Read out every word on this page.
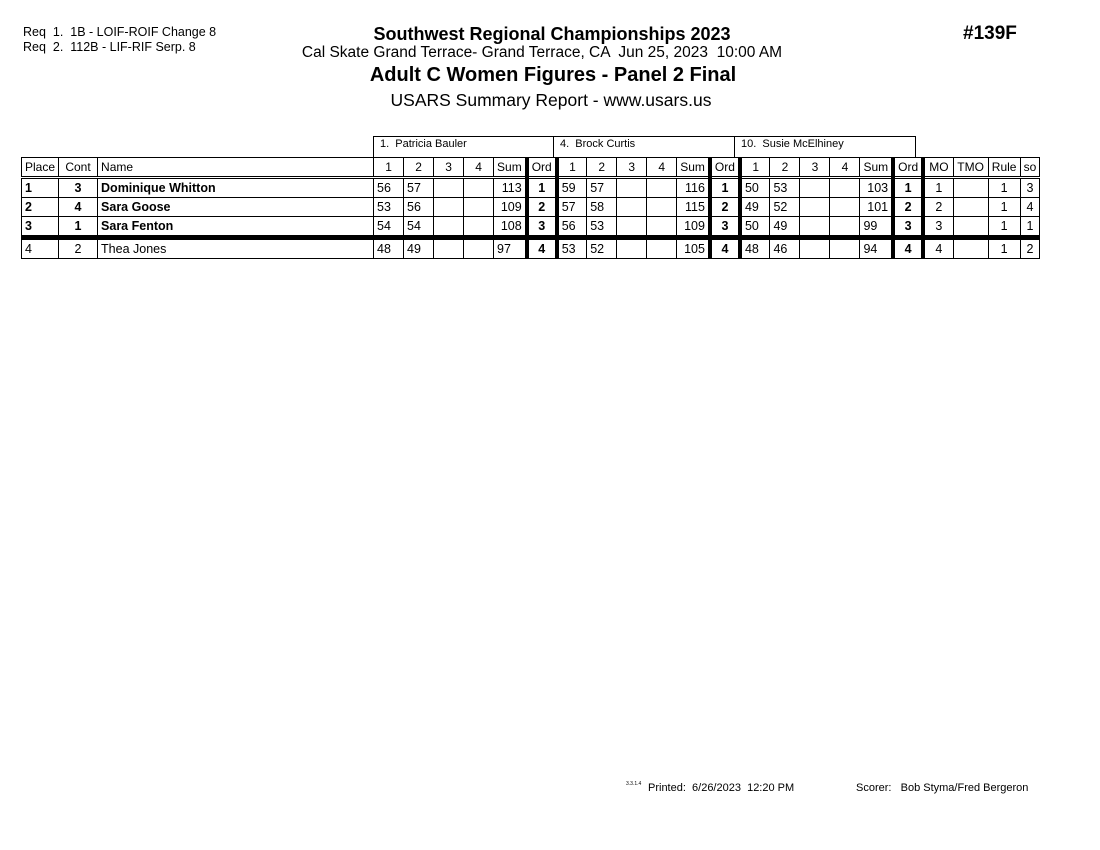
Req  1.  1B - LOIF-ROIF Change 8
Req  2.  112B - LIF-RIF Serp. 8
Southwest Regional Championships 2023
Cal Skate Grand Terrace- Grand Terrace, CA  Jun 25, 2023  10:00 AM
Adult C Women Figures - Panel 2 Final
USARS Summary Report - www.usars.us
#139F
1.  Patricia Bauler	4.  Brock Curtis	10.  Susie McElhiney
Place	Cont	Name	1	2	3	4	Sum	Ord	1	2	3	4	Sum	Ord	1	2	3	4	Sum	Ord	MO	TMO	Rule	so
1	3	Dominique Whitton	56	57			113	1	59	57			116	1	50	53			103	1	1		1	3
2	4	Sara Goose	53	56			109	2	57	58			115	2	49	52			101	2	2		1	4
3	1	Sara Fenton	54	54			108	3	56	53			109	3	50	49			99	3	3		1	1
4	2	Thea Jones	48	49			97	4	53	52			105	4	48	46			94	4	4		1	2
3.3.1.4 Printed:  6/26/2023  12:20 PM	Scorer:   Bob Styma/Fred Bergeron
